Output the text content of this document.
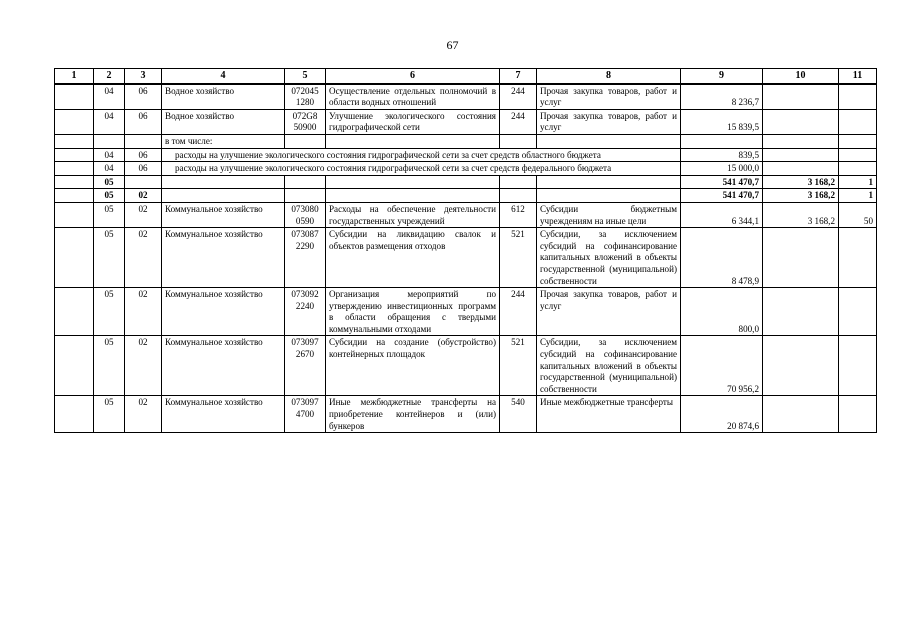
67
1	2	3	4	5	6	7	8	9	10	11
	04	06	Водное хозяйство	072045 1280	Осуществление отдельных полномочий в области водных отношений	244	Прочая закупка товаров, работ и услуг	8 236,7		
	04	06	Водное хозяйство	072G8 50900	Улучшение экологического состояния гидрографической сети	244	Прочая закупка товаров, работ и услуг	15 839,5		
			в том числе:							
	04	06	расходы на улучшение экологического состояния гидрографической сети за счет средств областного бюджета					839,5		
	04	06	расходы на улучшение экологического состояния гидрографической сети за счет средств федерального бюджета					15 000,0		
	05							541 470,7	3 168,2	1
	05	02						541 470,7	3 168,2	1
	05	02	Коммунальное хозяйство	073080 0590	Расходы на обеспечение деятельности государственных учреждений	612	Субсидии бюджетным учреждениям на иные цели	6 344,1	3 168,2	50
	05	02	Коммунальное хозяйство	073087 2290	Субсидии на ликвидацию свалок и объектов размещения отходов	521	Субсидии, за исключением субсидий на софинансирование капитальных вложений в объекты государственной (муниципальной) собственности	8 478,9		
	05	02	Коммунальное хозяйство	073092 2240	Организация мероприятий по утверждению инвестиционных программ в области обращения с твердыми коммунальными отходами	244	Прочая закупка товаров, работ и услуг	800,0		
	05	02	Коммунальное хозяйство	073097 2670	Субсидии на создание (обустройство) контейнерных площадок	521	Субсидии, за исключением субсидий на софинансирование капитальных вложений в объекты государственной (муниципальной) собственности	70 956,2		
	05	02	Коммунальное хозяйство	073097 4700	Иные межбюджетные трансферты на приобретение контейнеров и (или) бункеров	540	Иные межбюджетные трансферты	20 874,6		
